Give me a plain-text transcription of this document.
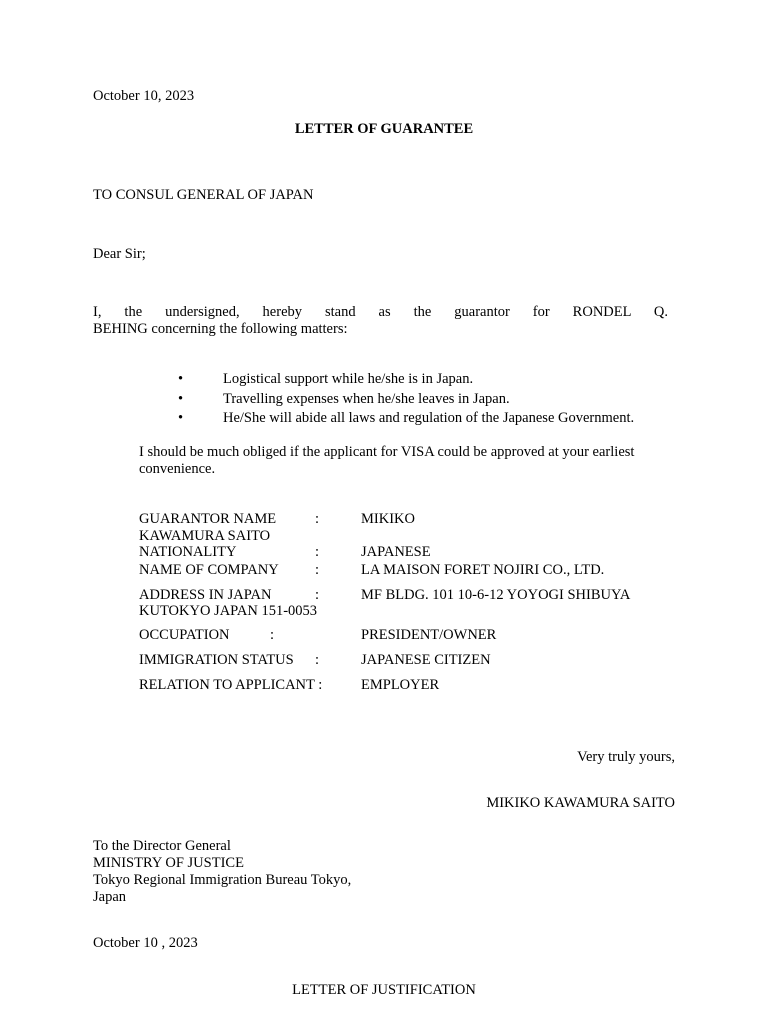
October 10, 2023
LETTER OF GUARANTEE
TO CONSUL GENERAL OF JAPAN
Dear Sir;
I, the undersigned, hereby stand as the guarantor for RONDEL Q.
BEHING concerning the following matters:
•	Logistical support while he/she is in Japan.
•	Travelling expenses when he/she leaves in Japan.
•	He/She will abide all laws and regulation of the Japanese Government.
I should be much obliged if the applicant for VISA could be approved at your earliest
convenience.
GUARANTOR NAME	:	MIKIKO
KAWAMURA SAITO
NATIONALITY	:	JAPANESE
NAME OF COMPANY	:	LA MAISON FORET NOJIRI CO., LTD.
ADDRESS IN JAPAN	:	MF BLDG. 101 10-6-12 YOYOGI SHIBUYA
KUTOKYO JAPAN 151-0053
OCCUPATION	:	PRESIDENT/OWNER
IMMIGRATION STATUS :	JAPANESE CITIZEN
RELATION TO APPLICANT :	EMPLOYER
Very truly yours,
MIKIKO KAWAMURA SAITO
To the Director General
MINISTRY OF JUSTICE
Tokyo Regional Immigration Bureau Tokyo,
Japan
October 10 , 2023
LETTER OF JUSTIFICATION
